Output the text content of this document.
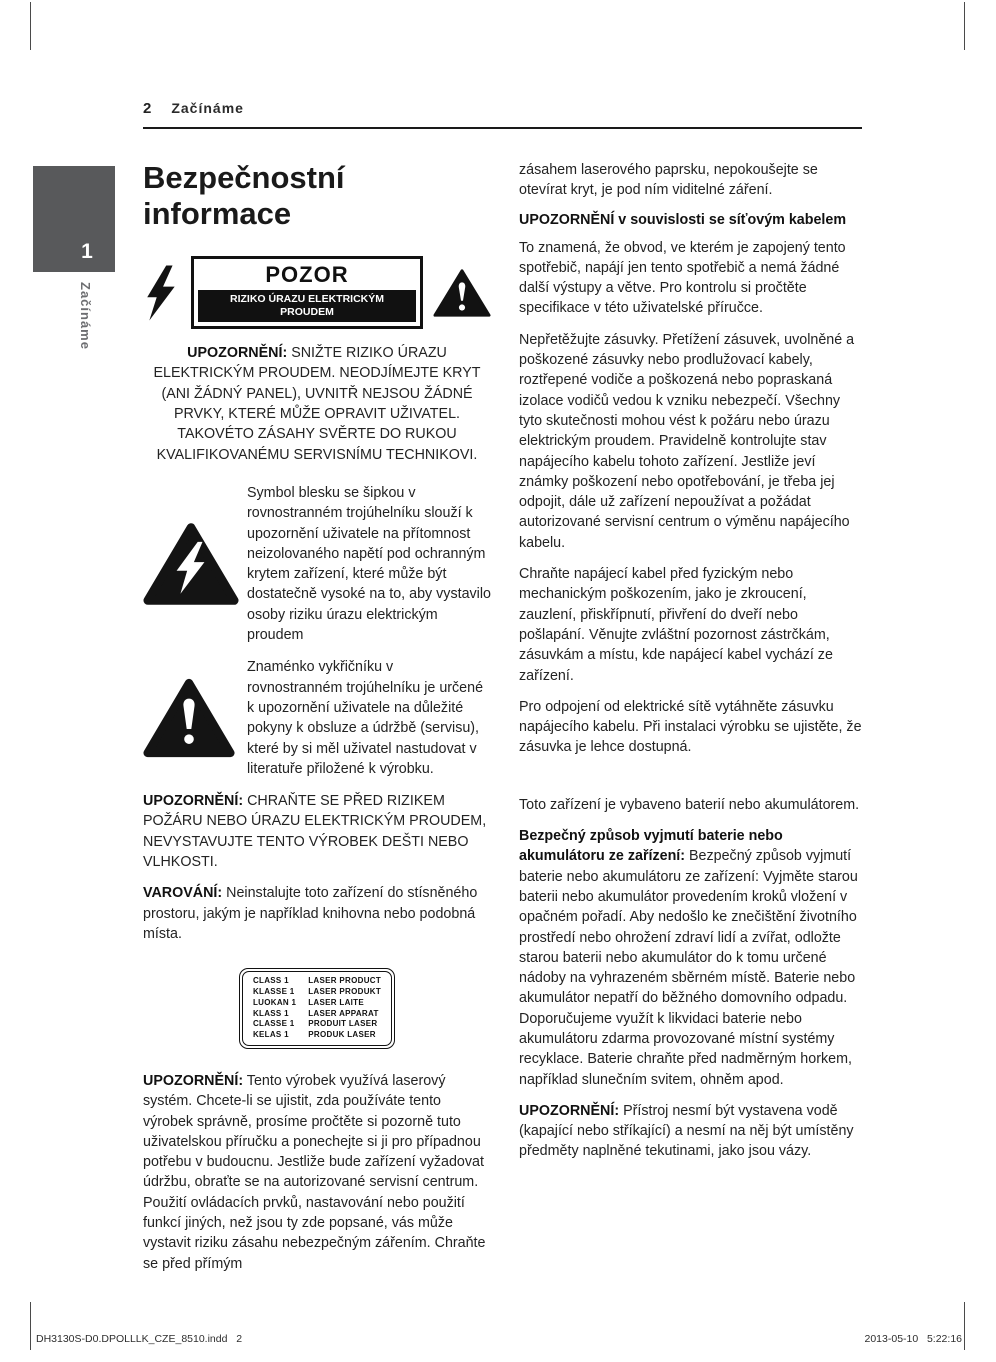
2 Začínáme
1
Začínáme
Bezpečnostní informace
POZOR
RIZIKO ÚRAZU ELEKTRICKÝM
PROUDEM

UPOZORNĚNÍ: SNIŽTE RIZIKO ÚRAZU ELEKTRICKÝM PROUDEM. NEODJÍMEJTE KRYT (ANI ŽÁDNÝ PANEL), UVNITŘ NEJSOU ŽÁDNÉ PRVKY, KTERÉ MŮŽE OPRAVIT UŽIVATEL. TAKOVÉTO ZÁSAHY SVĚRTE DO RUKOU KVALIFIKOVANÉMU SERVISNÍMU TECHNIKOVI.

Symbol blesku se šipkou v rovnostranném trojúhelníku slouží k upozornění uživatele na přítomnost neizolovaného napětí pod ochranným krytem zařízení, které může být dostatečně vysoké na to, aby vystavilo osoby riziku úrazu elektrickým proudem
Znaménko vykřičníku v rovnostranném trojúhelníku je určené k upozornění uživatele na důležité pokyny k obsluze a údržbě (servisu), které by si měl uživatel nastudovat v literatuře přiložené k výrobku.

UPOZORNĚNÍ: CHRAŇTE SE PŘED RIZIKEM POŽÁRU NEBO ÚRAZU ELEKTRICKÝM PROUDEM, NEVYSTAVUJTE TENTO VÝROBEK DEŠTI NEBO VLHKOSTI.

VAROVÁNÍ: Neinstalujte toto zařízení do stísněného prostoru, jakým je například knihovna nebo podobná místa.

CLASS 1	LASER PRODUCT
KLASSE 1 LASER PRODUKT
LUOKAN 1 LASER LAITE
KLASS 1	LASER APPARAT
CLASSE 1 PRODUIT LASER
KELAS 1	PRODUK LASER

UPOZORNĚNÍ: Tento výrobek využívá laserový systém. Chcete-li se ujistit, zda používáte tento výrobek správně, prosíme pročtěte si pozorně tuto uživatelskou příručku a ponechejte si ji pro případnou potřebu v budoucnu. Jestliže bude zařízení vyžadovat údržbu, obraťte se na autorizované servisní centrum. Použití ovládacích prvků, nastavování nebo použití funkcí jiných, než jsou ty zde popsané, vás může vystavit riziku zásahu nebezpečným zářením. Chraňte se před přímým

zásahem laserového paprsku, nepokoušejte se otevírat kryt, je pod ním viditelné záření.

UPOZORNĚNÍ v souvislosti se síťovým kabelem

To znamená, že obvod, ve kterém je zapojený tento spotřebič, napájí jen tento spotřebič a nemá žádné další výstupy a větve. Pro kontrolu si pročtěte specifikace v této uživatelské příručce.

Nepřetěžujte zásuvky. Přetížení zásuvek, uvolněné a poškozené zásuvky nebo prodlužovací kabely, roztřepené vodiče a poškozená nebo popraskaná izolace vodičů vedou k vzniku nebezpečí. Všechny tyto skutečnosti mohou vést k požáru nebo úrazu elektrickým proudem. Pravidelně kontrolujte stav napájecího kabelu tohoto zařízení. Jestliže jeví známky poškození nebo opotřebování, je třeba jej odpojit, dále už zařízení nepoužívat a požádat autorizované servisní centrum o výměnu napájecího kabelu.

Chraňte napájecí kabel před fyzickým nebo mechanickým poškozením, jako je zkroucení, zauzlení, přiskřípnutí, přivření do dveří nebo pošlapání. Věnujte zvláštní pozornost zástrčkám, zásuvkám a místu, kde napájecí kabel vychází ze zařízení.

Pro odpojení od elektrické sítě vytáhněte zásuvku napájecího kabelu. Při instalaci výrobku se ujistěte, že zásuvka je lehce dostupná.

Toto zařízení je vybaveno baterií nebo akumulátorem.

Bezpečný způsob vyjmutí baterie nebo akumulátoru ze zařízení: Bezpečný způsob vyjmutí baterie nebo akumulátoru ze zařízení: Vyjměte starou baterii nebo akumulátor provedením kroků vložení v opačném pořadí. Aby nedošlo ke znečištění životního prostředí nebo ohrožení zdraví lidí a zvířat, odložte starou baterii nebo akumulátor do k tomu určené nádoby na vyhrazeném sběrném místě. Baterie nebo akumulátor nepatří do běžného domovního odpadu. Doporučujeme využít k likvidaci baterie nebo akumulátoru zdarma provozované místní systémy recyklace. Baterie chraňte před nadměrným horkem, například slunečním svitem, ohněm apod.

UPOZORNĚNÍ: Přístroj nesmí být vystavena vodě (kapající nebo stříkající) a nesmí na něj být umístěny předměty naplněné tekutinami, jako jsou vázy.

DH3130S-D0.DPOLLLK_CZE_8510.indd   2	2013-05-10   5:22:16
